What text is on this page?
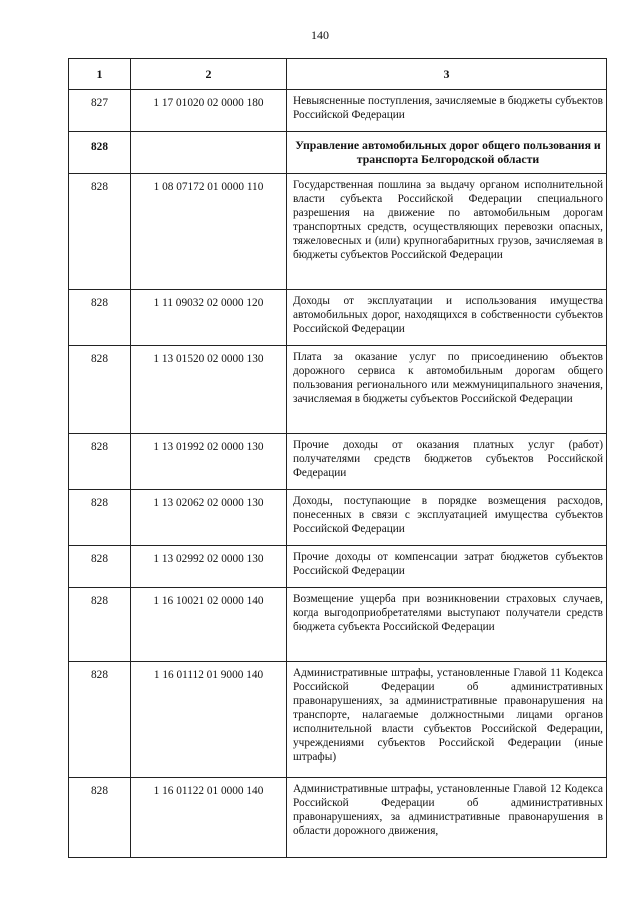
140
1	2	3
827	1 17 01020 02 0000 180	Невыясненные поступления, зачисляемые в бюджеты субъектов Российской Федерации
828		Управление автомобильных дорог общего пользования и транспорта Белгородской области
828	1 08 07172 01 0000 110	Государственная пошлина за выдачу органом исполнительной власти субъекта Российской Федерации специального разрешения на движение по автомобильным дорогам транспортных средств, осуществляющих перевозки опасных, тяжеловесных и (или) крупногабаритных грузов, зачисляемая в бюджеты субъектов Российской Федерации
828	1 11 09032 02 0000 120	Доходы от эксплуатации и использования имущества автомобильных дорог, находящихся в собственности субъектов Российской Федерации
828	1 13 01520 02 0000 130	Плата за оказание услуг по присоединению объектов дорожного сервиса к автомобильным дорогам общего пользования регионального или межмуниципального значения, зачисляемая в бюджеты субъектов Российской Федерации
828	1 13 01992 02 0000 130	Прочие доходы от оказания платных услуг (работ) получателями средств бюджетов субъектов Российской Федерации
828	1 13 02062 02 0000 130	Доходы, поступающие в порядке возмещения расходов, понесенных в связи с эксплуатацией имущества субъектов Российской Федерации
828	1 13 02992 02 0000 130	Прочие доходы от компенсации затрат бюджетов субъектов Российской Федерации
828	1 16 10021 02 0000 140	Возмещение ущерба при возникновении страховых случаев, когда выгодоприобретателями выступают получатели средств бюджета субъекта Российской Федерации
828	1 16 01112 01 9000 140	Административные штрафы, установленные Главой 11 Кодекса Российской Федерации об административных правонарушениях, за административные правонарушения на транспорте, налагаемые должностными лицами органов исполнительной власти субъектов Российской Федерации, учреждениями субъектов Российской Федерации (иные штрафы)
828	1 16 01122 01 0000 140	Административные штрафы, установленные Главой 12 Кодекса Российской Федерации об административных правонарушениях, за административные правонарушения в области дорожного движения,
